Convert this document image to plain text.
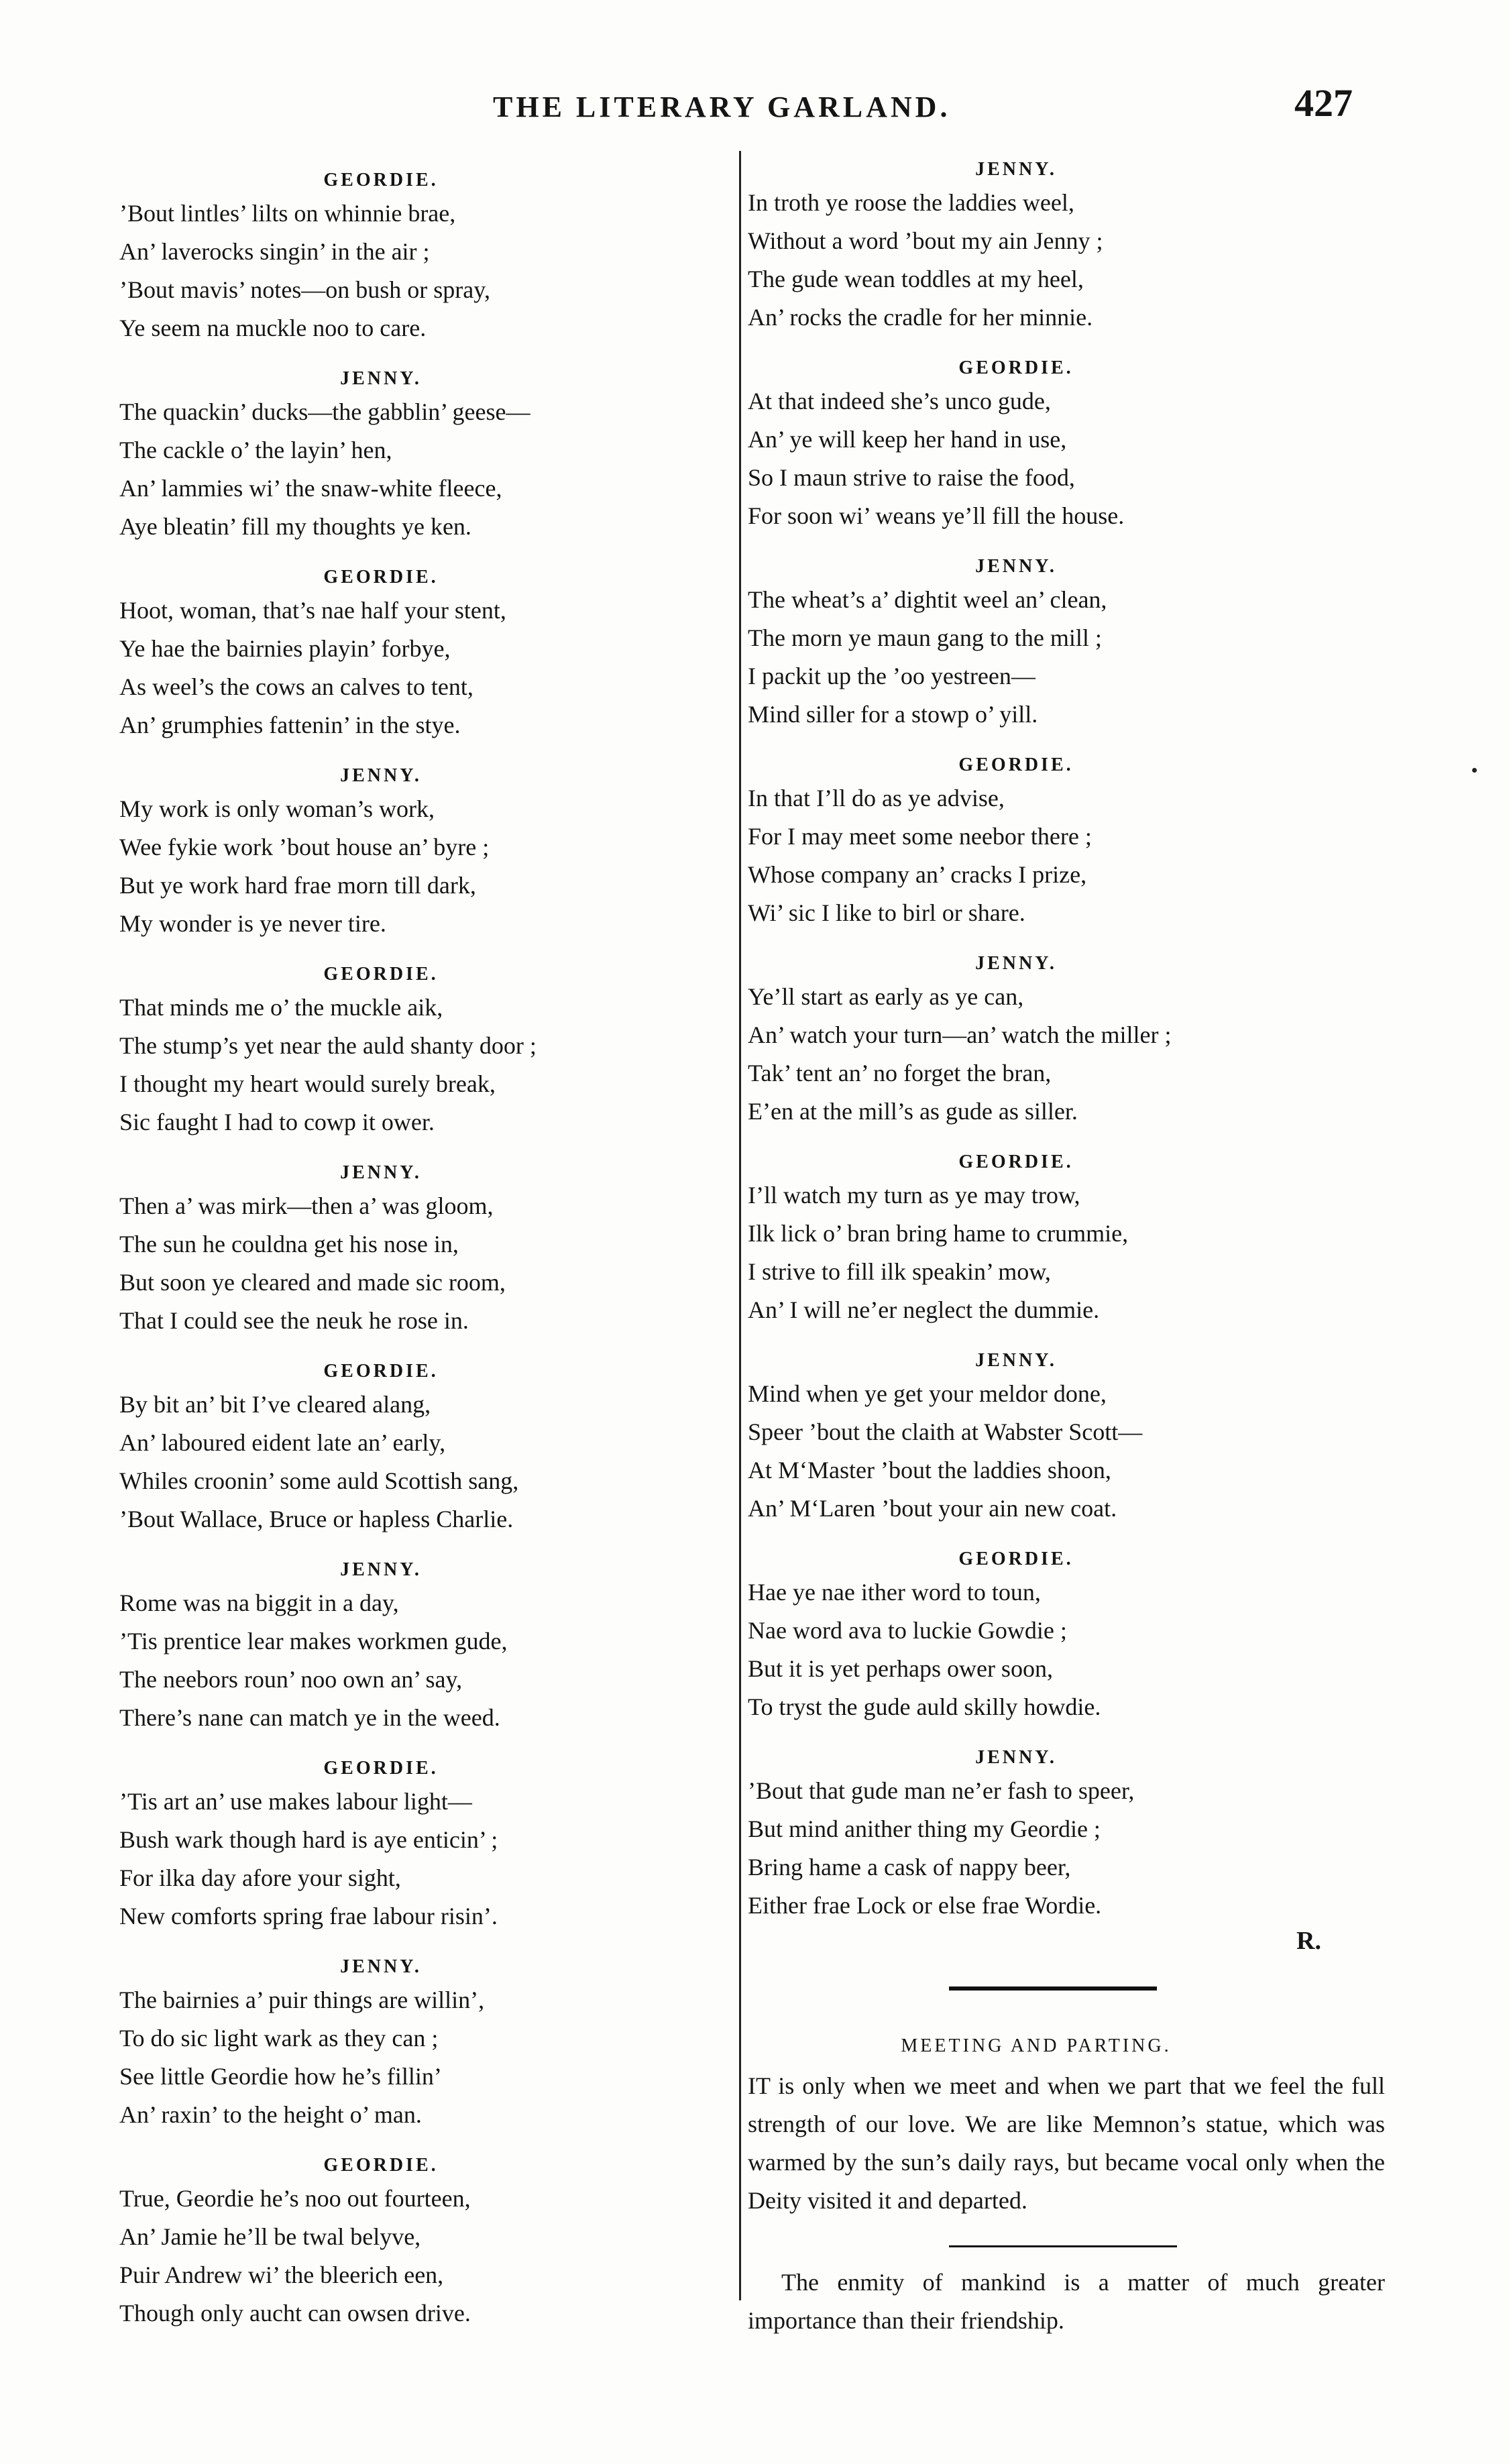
THE LITERARY GARLAND.	427
GEORDIE.
’Bout lintles’ lilts on whinnie brae,
An’ laverocks singin’ in the air ;
’Bout mavis’ notes—on bush or spray,
Ye seem na muckle noo to care.
JENNY.
The quackin’ ducks—the gabblin’ geese—
The cackle o’ the layin’ hen,
An’ lammies wi’ the snaw-white fleece,
Aye bleatin’ fill my thoughts ye ken.
GEORDIE.
Hoot, woman, that’s nae half your stent,
Ye hae the bairnies playin’ forbye,
As weel’s the cows an calves to tent,
An’ grumphies fattenin’ in the stye.
JENNY.
My work is only woman’s work,
Wee fykie work ’bout house an’ byre ;
But ye work hard frae morn till dark,
My wonder is ye never tire.
GEORDIE.
That minds me o’ the muckle aik,
The stump’s yet near the auld shanty door ;
I thought my heart would surely break,
Sic faught I had to cowp it ower.
JENNY.
Then a’ was mirk—then a’ was gloom,
The sun he couldna get his nose in,
But soon ye cleared and made sic room,
That I could see the neuk he rose in.
GEORDIE.
By bit an’ bit I’ve cleared alang,
An’ laboured eident late an’ early,
Whiles croonin’ some auld Scottish sang,
’Bout Wallace, Bruce or hapless Charlie.
JENNY.
Rome was na biggit in a day,
’Tis prentice lear makes workmen gude,
The neebors roun’ noo own an’ say,
There’s nane can match ye in the weed.
GEORDIE.
’Tis art an’ use makes labour light—
Bush wark though hard is aye enticin’ ;
For ilka day afore your sight,
New comforts spring frae labour risin’.
JENNY.
The bairnies a’ puir things are willin’,
To do sic light wark as they can ;
See little Geordie how he’s fillin’
An’ raxin’ to the height o’ man.
GEORDIE.
True, Geordie he’s noo out fourteen,
An’ Jamie he’ll be twal belyve,
Puir Andrew wi’ the bleerich een,
Though only aucht can owsen drive.
JENNY.
In troth ye roose the laddies weel,
Without a word ’bout my ain Jenny ;
The gude wean toddles at my heel,
An’ rocks the cradle for her minnie.
GEORDIE.
At that indeed she’s unco gude,
An’ ye will keep her hand in use,
So I maun strive to raise the food,
For soon wi’ weans ye’ll fill the house.
JENNY.
The wheat’s a’ dightit weel an’ clean,
The morn ye maun gang to the mill ;
I packit up the ’oo yestreen—
Mind siller for a stowp o’ yill.
GEORDIE.
In that I’ll do as ye advise,
For I may meet some neebor there ;
Whose company an’ cracks I prize,
Wi’ sic I like to birl or share.
JENNY.
Ye’ll start as early as ye can,
An’ watch your turn—an’ watch the miller ;
Tak’ tent an’ no forget the bran,
E’en at the mill’s as gude as siller.
GEORDIE.
I’ll watch my turn as ye may trow,
Ilk lick o’ bran bring hame to crummie,
I strive to fill ilk speakin’ mow,
An’ I will ne’er neglect the dummie.
JENNY.
Mind when ye get your meldor done,
Speer ’bout the claith at Wabster Scott—
At M‘Master ’bout the laddies shoon,
An’ M‘Laren ’bout your ain new coat.
GEORDIE.
Hae ye nae ither word to toun,
Nae word ava to luckie Gowdie ;
But it is yet perhaps ower soon,
To tryst the gude auld skilly howdie.
JENNY.
’Bout that gude man ne’er fash to speer,
But mind anither thing my Geordie ;
Bring hame a cask of nappy beer,
Either frae Lock or else frae Wordie.
R.
MEETING AND PARTING.
IT is only when we meet and when we part that we feel the full strength of our love. We are like Memnon’s statue, which was warmed by the sun’s daily rays, but became vocal only when the Deity visited it and departed.
The enmity of mankind is a matter of much greater importance than their friendship.
